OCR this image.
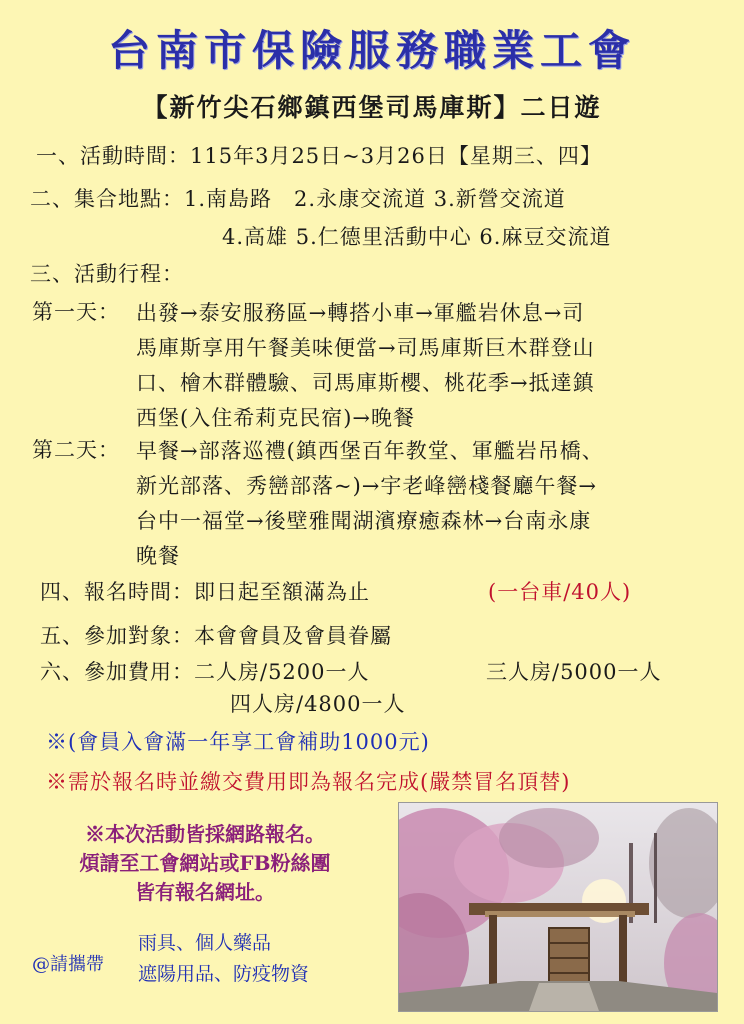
台南市保險服務職業工會
【新竹尖石鄉鎮西堡司馬庫斯】二日遊
一、活動時間：115年3月25日~3月26日【星期三、四】
二、集合地點：1.南島路　2.永康交流道 3.新營交流道
4.高雄 5.仁德里活動中心 6.麻豆交流道
三、活動行程：
第一天： 出發→泰安服務區→轉搭小車→軍艦岩休息→司
馬庫斯享用午餐美味便當→司馬庫斯巨木群登山
口、檜木群體驗、司馬庫斯櫻、桃花季→抵達鎮
西堡(入住希莉克民宿)→晚餐
第二天： 早餐→部落巡禮(鎮西堡百年教堂、軍艦岩吊橋、
新光部落、秀巒部落~)→宇老峰巒棧餐廳午餐→
台中一福堂→後壁雅聞湖濱療癒森林→台南永康
晚餐
四、報名時間：即日起至額滿為止	(一台車/40人)
五、參加對象：本會會員及會員眷屬
六、參加費用：二人房/5200一人	三人房/5000一人
四人房/4800一人
※(會員入會滿一年享工會補助1000元)
※需於報名時並繳交費用即為報名完成(嚴禁冒名頂替)
※本次活動皆採網路報名。
煩請至工會網站或FB粉絲團
皆有報名網址。
@請攜帶
雨具、個人藥品
遮陽用品、防疫物資
